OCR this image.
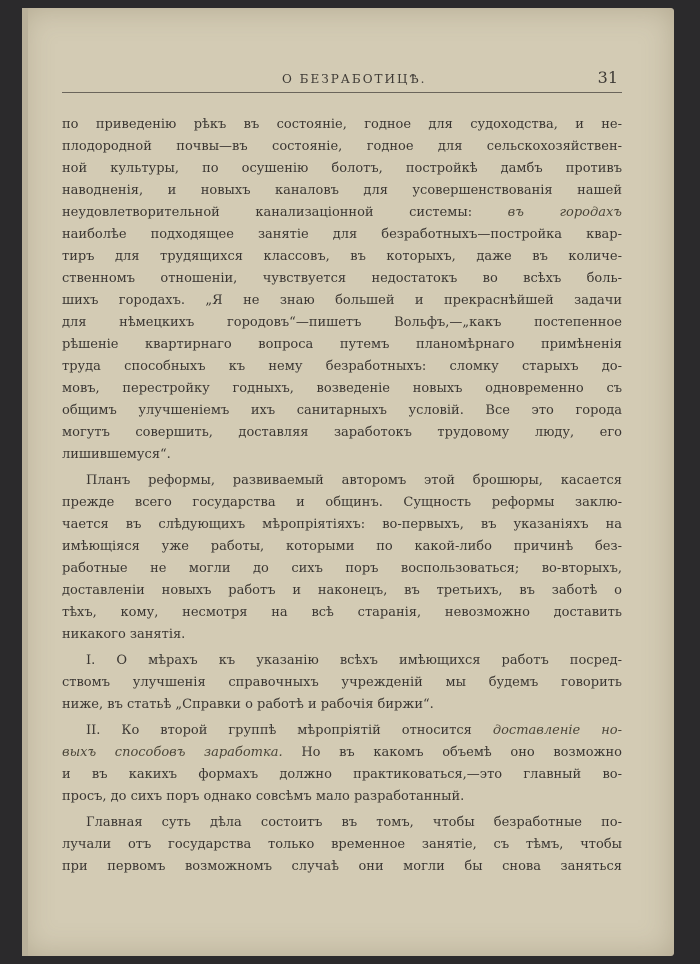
О БЕЗРАБОТИЦѢ.	31
по приведенію рѣкъ въ состояніе, годное для судоходства, и не-
плодородной почвы—въ состояніе, годное для сельскохозяйствен-
ной культуры, по осушенію болотъ, постройкѣ дамбъ противъ
наводненія, и новыхъ каналовъ для усовершенствованія нашей
неудовлетворительной канализаціонной системы:	въ городахъ
наиболѣе подходящее занятіе для безработныхъ—постройка квар-
тиръ для трудящихся классовъ, въ которыхъ, даже въ количе-
ственномъ отношеніи, чувствуется недостатокъ во всѣхъ боль-
шихъ городахъ. „Я не знаю большей и прекраснѣйшей задачи
для нѣмецкихъ городовъ“—пишетъ Вольфъ,—„какъ постепенное
рѣшеніе квартирнаго вопроса путемъ планомѣрнаго примѣненія
труда способныхъ къ нему безработныхъ: сломку старыхъ до-
мовъ, перестройку годныхъ, возведеніе новыхъ одновременно съ
общимъ улучшеніемъ ихъ санитарныхъ условій. Все это города
могутъ совершить, доставляя заработокъ трудовому люду, его
лишившемуся“.
Планъ реформы, развиваемый авторомъ этой брошюры, касается
прежде всего государства и общинъ. Сущность реформы заклю-
чается въ слѣдующихъ мѣропріятіяхъ: во-первыхъ, въ указаніяхъ на
имѣющіяся уже работы, которыми по какой-либо причинѣ без-
работные не могли до сихъ поръ воспользоваться; во-вторыхъ,
доставленіи новыхъ работъ и наконецъ, въ третьихъ, въ заботѣ о
тѣхъ, кому, несмотря на всѣ старанія, невозможно доставить
никакого занятія.
I. О мѣрахъ къ указанію всѣхъ имѣющихся работъ посред-
ствомъ улучшенія справочныхъ учрежденій мы будемъ говорить
ниже, въ статьѣ „Справки о работѣ и рабочія биржи“.
II. Ко второй группѣ мѣропріятій относится доставленіе но-
выхъ способовъ заработка. Но въ какомъ объемѣ оно возможно
и въ какихъ формахъ должно практиковаться,—это главный во-
просъ, до сихъ поръ однако совсѣмъ мало разработанный.
Главная суть дѣла состоитъ въ томъ, чтобы безработные по-
лучали отъ государства только временное занятіе, съ тѣмъ, чтобы
при первомъ возможномъ случаѣ они могли бы снова заняться
